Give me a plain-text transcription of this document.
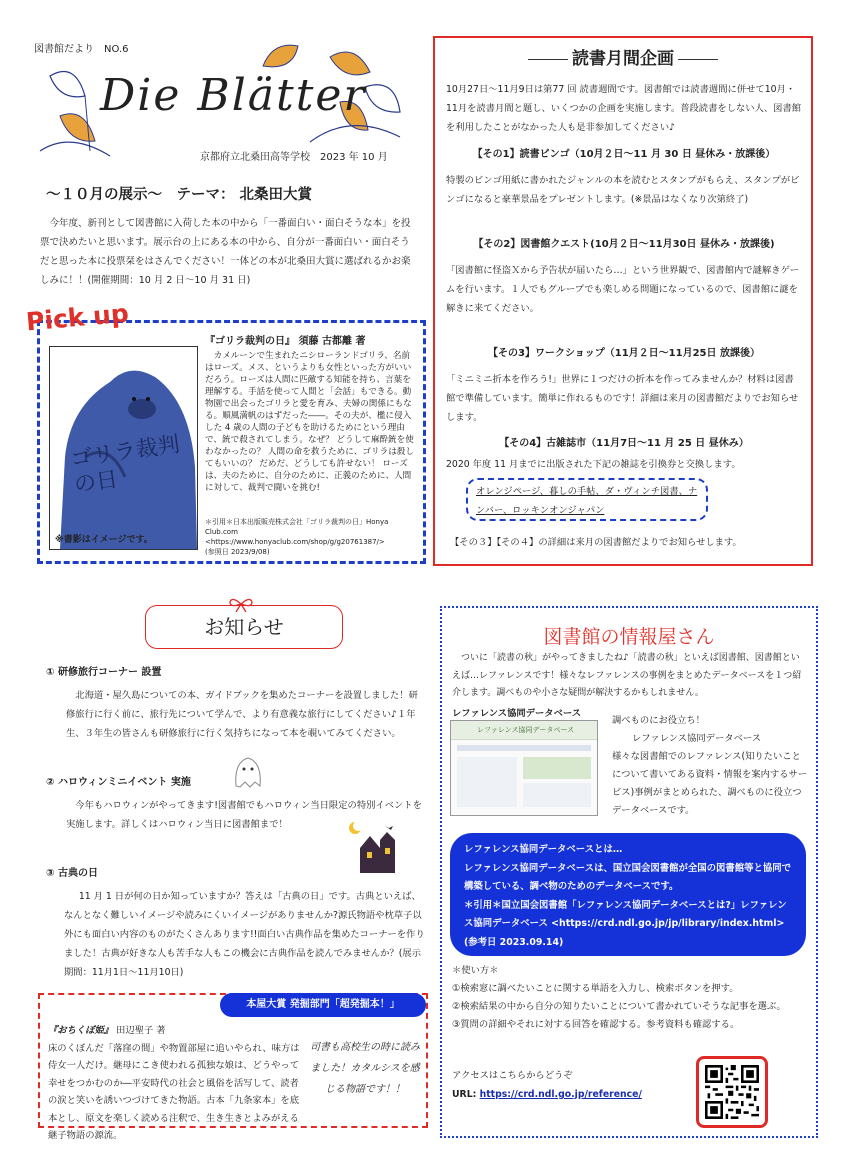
図書館だより　NO.6
Die Blätter
京都府立北桑田高等学校　2023 年 10 月
～１０月の展示～　テーマ： 北桑田大賞
今年度、新刊として図書館に入荷した本の中から「一番面白い・面白そうな本」を投票で決めたいと思います。展示台の上にある本の中から、自分が一番面白い・面白そうだと思った本に投票栞をはさんでください！一体どの本が北桑田大賞に選ばれるかお楽しみに！！(開催期間：10 月 2 日～10 月 31 日)
Pick up
ゴリラ裁判の日
※書影はイメージです。
『ゴリラ裁判の日』 須藤 古都離 著
カメルーンで生まれたニシローランドゴリラ、名前はローズ。メス、というよりも女性といった方がいいだろう。ローズは人間に匹敵する知能を持ち、言葉を理解する。手話を使って人間と「会話」もできる。動物園で出会ったゴリラと愛を育み、夫婦の関係にもなる。順風満帆のはずだった――。その夫が、檻に侵入した 4 歳の人間の子どもを助けるためにという理由で、銃で殺されてしまう。なぜ？ どうして麻酔銃を使わなかったの？ 人間の命を救うために、ゴリラは殺してもいいの？ だめだ、どうしても許せない！ ローズは、夫のために、自分のために、正義のために、人間に対して、裁判で闘いを挑む!
＊引用＊日本出版販売株式会社「ゴリラ裁判の日」Honya Club.com
<https://www.honyaclub.com/shop/g/g20761387/>
(参照日 2023/9/08)
読書月間企画
10月27日～11月9日は第77 回 読書週間です。図書館では読書週間に併せて10月・11月を読書月間と題し、いくつかの企画を実施します。普段読書をしない人、図書館を利用したことがなかった人も是非参加してください♪
【その1】読書ビンゴ（10月２日～11 月 30 日 昼休み・放課後）
特製のビンゴ用紙に書かれたジャンルの本を読むとスタンプがもらえ、スタンプがビンゴになると豪華景品をプレゼントします。(※景品はなくなり次第終了)
【その2】図書館クエスト(10月２日～11月30日 昼休み・放課後)
「図書館に怪盗Ｘから予告状が届いたら…」という世界観で、図書館内で謎解きゲームを行います。１人でもグループでも楽しめる問題になっているので、図書館に謎を解きに来てください。
【その3】ワークショップ（11月２日～11月25日 放課後）
「ミニミニ折本を作ろう!」世界に１つだけの折本を作ってみませんか？材料は図書館で準備しています。簡単に作れるものです！詳細は来月の図書館だよりでお知らせします。
【その4】古雑誌市（11月7日～11 月 25 日 昼休み）
2020 年度 11 月までに出版された下記の雑誌を引換券と交換します。
オレンジページ、暮しの手帖、ダ・ヴィンチ図書、ナンバー、ロッキンオンジャパン
【その３】【その４】の詳細は来月の図書館だよりでお知らせします。
お知らせ
① 研修旅行コーナー 設置
北海道・屋久島についての本、ガイドブックを集めたコーナーを設置しました！研修旅行に行く前に、旅行先について学んで、より有意義な旅行にしてください♪１年生、３年生の皆さんも研修旅行に行く気持ちになって本を覗いてみてください。
② ハロウィンミニイベント 実施
今年もハロウィンがやってきます!図書館でもハロウィン当日限定の特別イベントを実施します。詳しくはハロウィン当日に図書館まで！
③ 古典の日
11 月 1 日が何の日か知っていますか？答えは「古典の日」です。古典といえば、なんとなく難しいイメージや読みにくいイメージがありませんか?源氏物語や枕草子以外にも面白い内容のものがたくさんあります!!面白い古典作品を集めたコーナーを作りました！古典が好きな人も苦手な人もこの機会に古典作品を読んでみませんか？(展示期間：11月1日～11月10日)
本屋大賞 発掘部門「超発掘本！」
『おちくぼ姫』 田辺聖子 著
床のくぼんだ「落窪の間」や物置部屋に追いやられ、味方は侍女一人だけ。継母にこき使われる孤独な娘は、どうやって幸せをつかむのか―平安時代の社会と風俗を活写して、読者の涙と笑いを誘いつづけてきた物語。古本「九条家本」を底本とし、原文を楽しく読める注釈で、生き生きとよみがえる継子物語の源流。
司書も高校生の時に読みました！カタルシスを感じる物語です！！
図書館の情報屋さん
ついに「読書の秋」がやってきましたね♪「読書の秋」といえば図書館、図書館といえば…レファレンスです！様々なレファレンスの事例をまとめたデータベースを１つ紹介します。調べものや小さな疑問が解決するかもしれません。
レファレンス協同データベース
レファレンス協同データベース
調べものにお役立ち！
レファレンス協同データベース
様々な図書館でのレファレンス(知りたいことについて書いてある資料・情報を案内するサービス)事例がまとめられた、調べものに役立つデータベースです。
レファレンス協同データベースとは…
レファレンス協同データベースは、国立国会図書館が全国の図書館等と協同で構築している、調べ物のためのデータベースです。
＊引用＊国立国会図書館「レファレンス協同データベースとは?」レファレンス協同データベース <https://crd.ndl.go.jp/jp/library/index.html>
(参考日 2023.09.14)
＊使い方＊
①検索窓に調べたいことに関する単語を入力し、検索ボタンを押す。
②検索結果の中から自分の知りたいことについて書かれていそうな記事を選ぶ。
③質問の詳細やそれに対する回答を確認する。参考資料も確認する。
アクセスはこちらからどうぞ
URL: https://crd.ndl.go.jp/reference/
